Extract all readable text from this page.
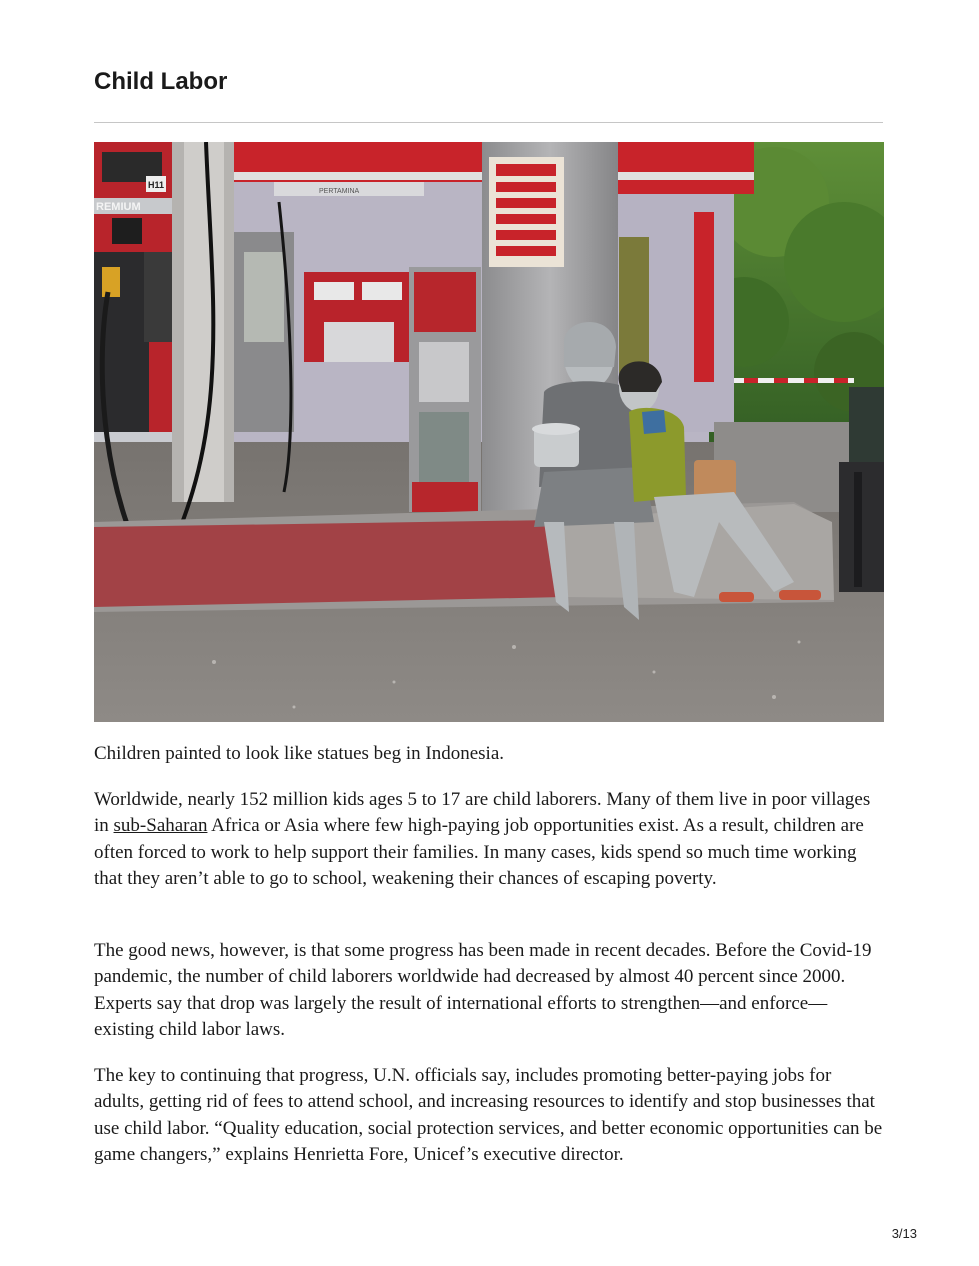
Child Labor
PERTAMINA
H11
REMIUM

Children painted to look like statues beg in Indonesia.

Worldwide, nearly 152 million kids ages 5 to 17 are child laborers. Many of them live in poor villages in sub-Saharan Africa or Asia where few high-paying job opportunities exist. As a result, children are often forced to work to help support their families. In many cases, kids spend so much time working that they aren’t able to go to school, weakening their chances of escaping poverty.

The good news, however, is that some progress has been made in recent decades. Before the Covid-19 pandemic, the number of child laborers worldwide had decreased by almost 40 percent since 2000. Experts say that drop was largely the result of international efforts to strengthen—and enforce—existing child labor laws.

The key to continuing that progress, U.N. officials say, includes promoting better-paying jobs for adults, getting rid of fees to attend school, and increasing resources to identify and stop businesses that use child labor. “Quality education, social protection services, and better economic opportunities can be game changers,” explains Henrietta Fore, Unicef’s executive director.

3/13
